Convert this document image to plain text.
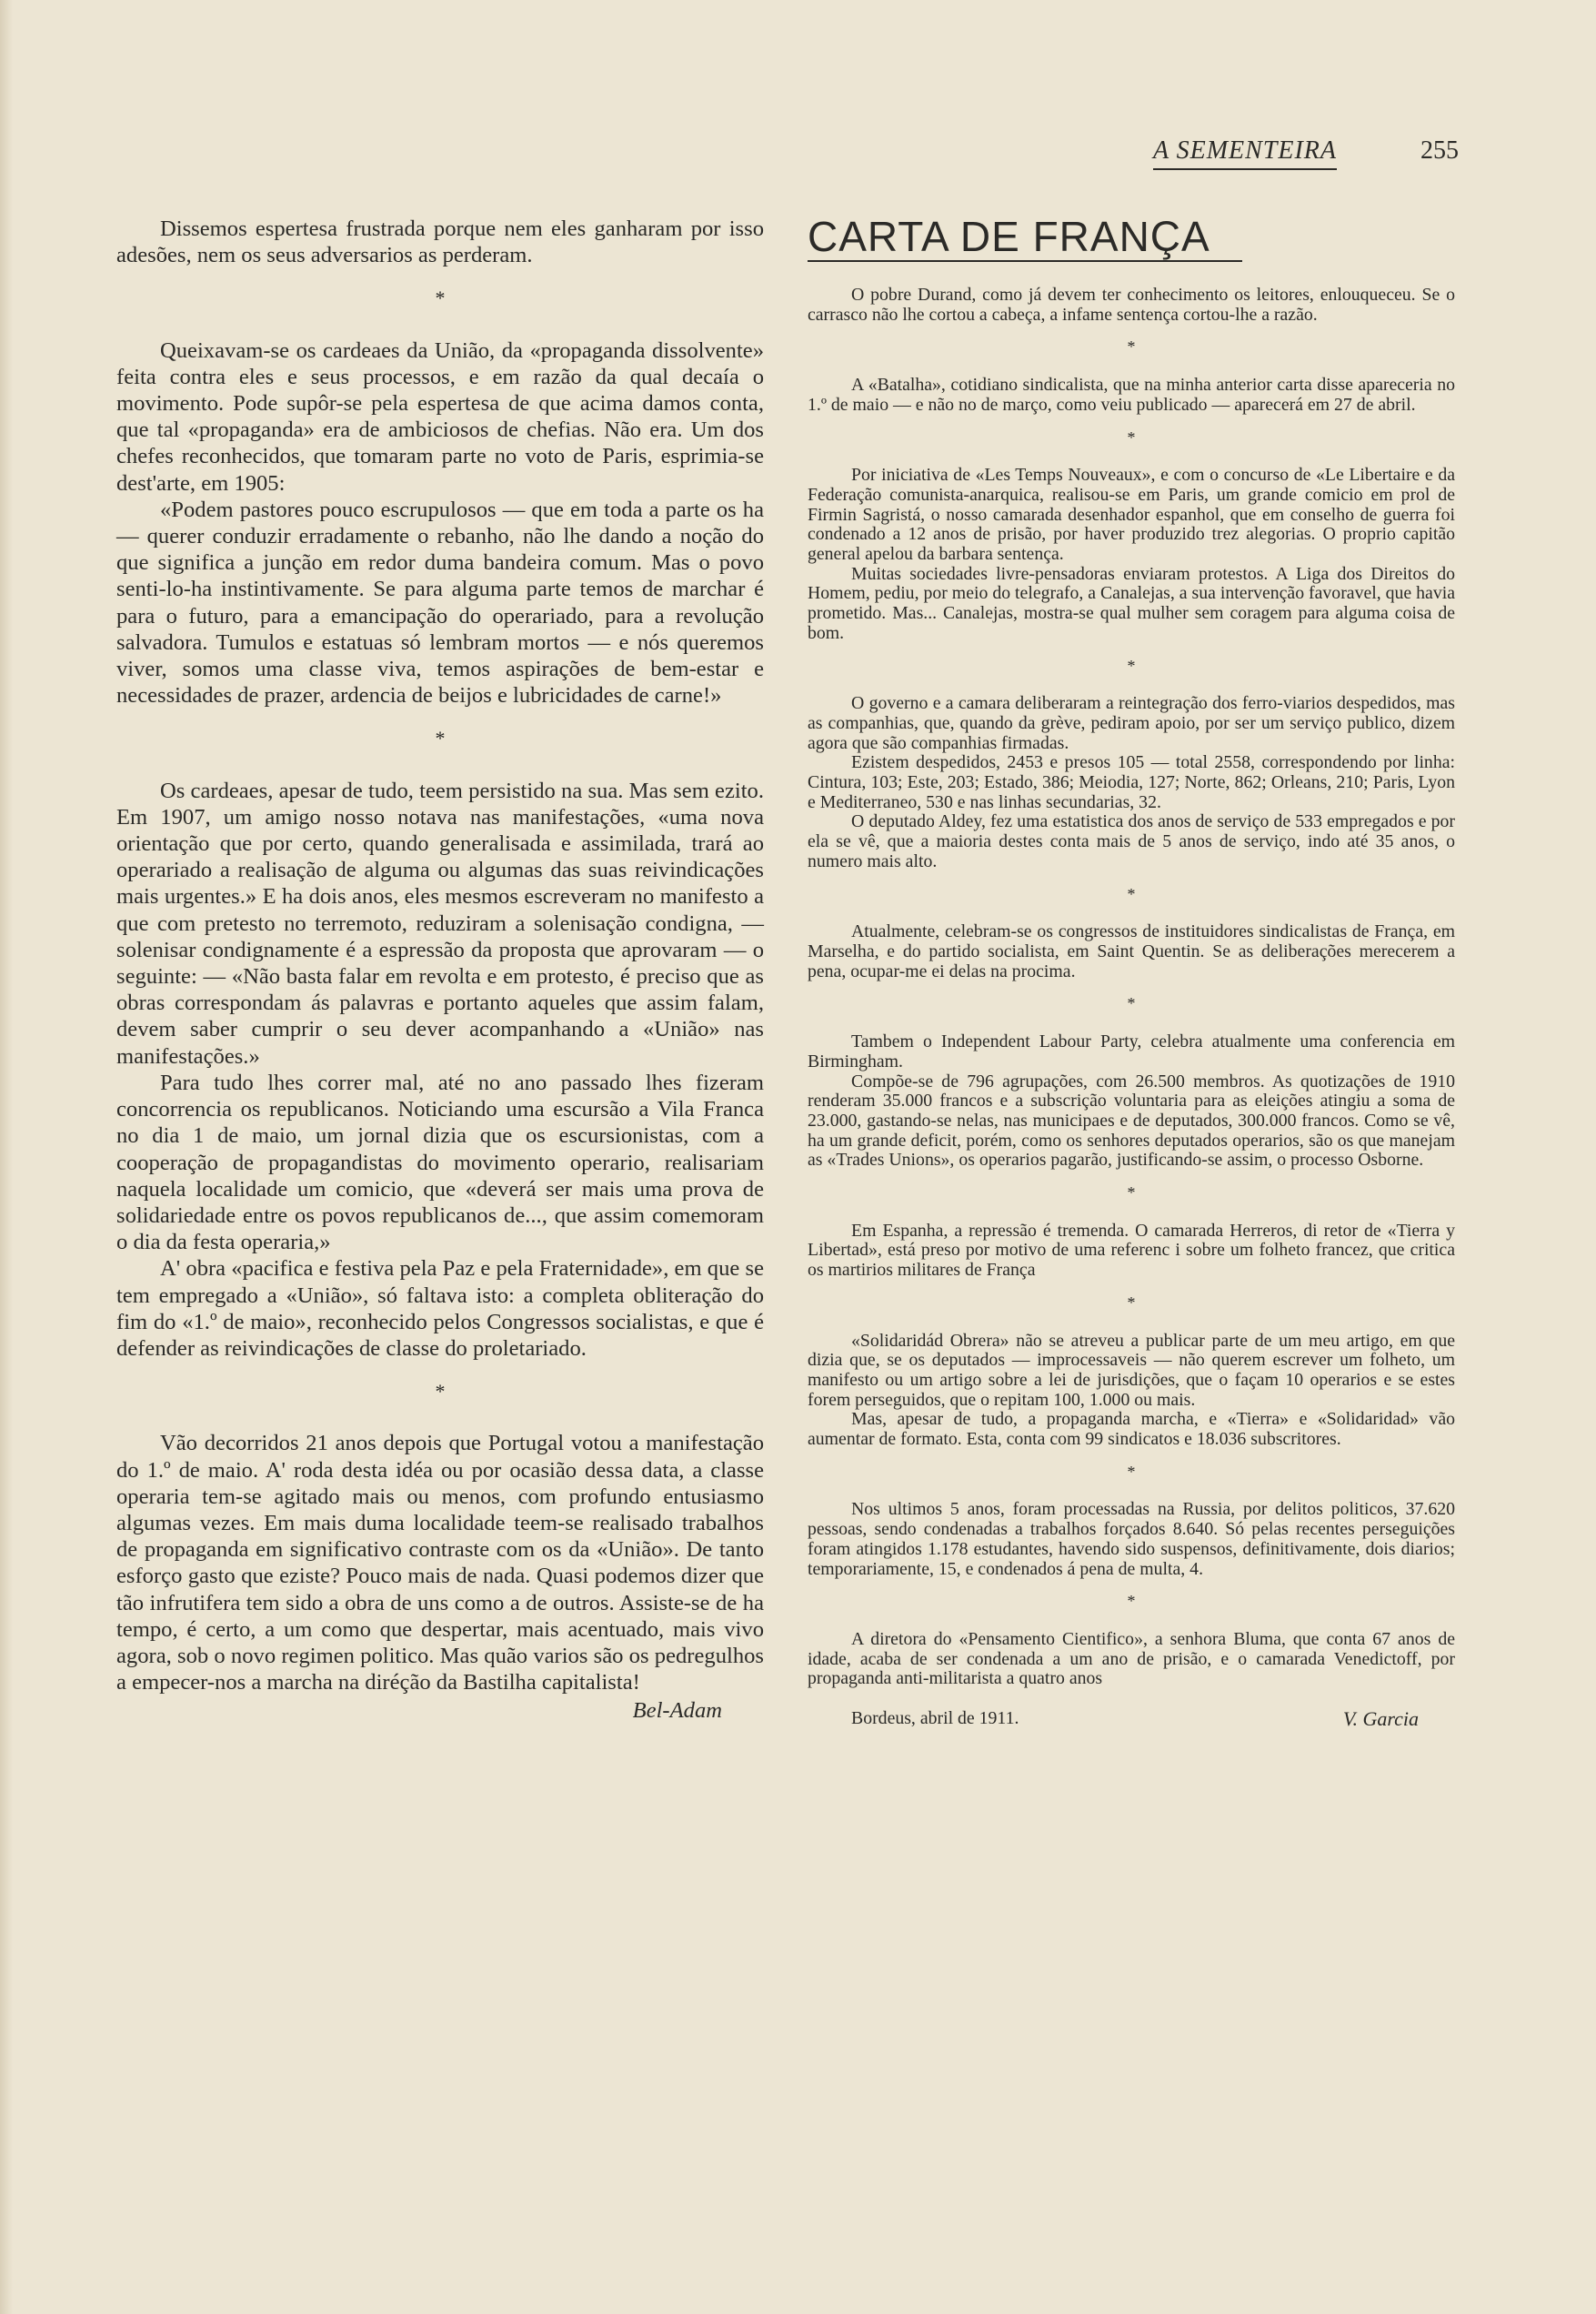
A SEMENTEIRA	255

Dissemos espertesa frustrada porque nem eles ganharam por isso adesões, nem os seus adversarios as perderam.

*

Queixavam-se os cardeaes da União, da «propaganda dissolvente» feita contra eles e seus processos, e em razão da qual decaía o movimento. Pode supôr-se pela espertesa de que acima damos conta, que tal «propaganda» era de ambiciosos de chefias. Não era. Um dos chefes reconhecidos, que tomaram parte no voto de Paris, esprimia-se dest'arte, em 1905:

«Podem pastores pouco escrupulosos — que em toda a parte os ha — querer conduzir erradamente o rebanho, não lhe dando a noção do que significa a junção em redor duma bandeira comum. Mas o povo senti-lo-ha instintivamente. Se para alguma parte temos de marchar é para o futuro, para a emancipação do operariado, para a revolução salvadora. Tumulos e estatuas só lembram mortos — e nós queremos viver, somos uma classe viva, temos aspirações de bem-estar e necessidades de prazer, ardencia de beijos e lubricidades de carne!»

*

Os cardeaes, apesar de tudo, teem persistido na sua. Mas sem ezito. Em 1907, um amigo nosso notava nas manifestações, «uma nova orientação que por certo, quando generalisada e assimilada, trará ao operariado a realisação de alguma ou algumas das suas reivindicações mais urgentes.» E ha dois anos, eles mesmos escreveram no manifesto a que com pretesto no terremoto, reduziram a solenisação condigna, — solenisar condignamente é a espressão da proposta que aprovaram — o seguinte: — «Não basta falar em revolta e em protesto, é preciso que as obras correspondam ás palavras e portanto aqueles que assim falam, devem saber cumprir o seu dever acompanhando a «União» nas manifestações.»

Para tudo lhes correr mal, até no ano passado lhes fizeram concorrencia os republicanos. Noticiando uma escursão a Vila Franca no dia 1 de maio, um jornal dizia que os escursionistas, com a cooperação de propagandistas do movimento operario, realisariam naquela localidade um comicio, que «deverá ser mais uma prova de solidariedade entre os povos republicanos de..., que assim comemoram o dia da festa operaria,»

A' obra «pacifica e festiva pela Paz e pela Fraternidade», em que se tem empregado a «União», só faltava isto: a completa obliteração do fim do «1.º de maio», reconhecido pelos Congressos socialistas, e que é defender as reivindicações de classe do proletariado.

*

Vão decorridos 21 anos depois que Portugal votou a manifestação do 1.º de maio. A' roda desta idéa ou por ocasião dessa data, a classe operaria tem-se agitado mais ou menos, com profundo entusiasmo algumas vezes. Em mais duma localidade teem-se realisado trabalhos de propaganda em significativo contraste com os da «União». De tanto esforço gasto que eziste? Pouco mais de nada. Quasi podemos dizer que tão infrutifera tem sido a obra de uns como a de outros. Assiste-se de ha tempo, é certo, a um como que despertar, mais acentuado, mais vivo agora, sob o novo regimen politico. Mas quão varios são os pedregulhos a empecer-nos a marcha na diréção da Bastilha capitalista!

Bel-Adam
CARTA DE FRANÇA

O pobre Durand, como já devem ter conhecimento os leitores, enlouqueceu. Se o carrasco não lhe cortou a cabeça, a infame sentença cortou-lhe a razão.

*

A «Batalha», cotidiano sindicalista, que na minha anterior carta disse apareceria no 1.º de maio — e não no de março, como veiu publicado — aparecerá em 27 de abril.

*

Por iniciativa de «Les Temps Nouveaux», e com o concurso de «Le Libertaire e da Federação comunista-anarquica, realisou-se em Paris, um grande comicio em prol de Firmin Sagristá, o nosso camarada desenhador espanhol, que em conselho de guerra foi condenado a 12 anos de prisão, por haver produzido trez alegorias. O proprio capitão general apelou da barbara sentença.

Muitas sociedades livre-pensadoras enviaram protestos. A Liga dos Direitos do Homem, pediu, por meio do telegrafo, a Canalejas, a sua intervenção favoravel, que havia prometido. Mas... Canalejas, mostra-se qual mulher sem coragem para alguma coisa de bom.

*

O governo e a camara deliberaram a reintegração dos ferro-viarios despedidos, mas as companhias, que, quando da grève, pediram apoio, por ser um serviço publico, dizem agora que são companhias firmadas.

Ezistem despedidos, 2453 e presos 105 — total 2558, correspondendo por linha: Cintura, 103; Este, 203; Estado, 386; Meiodia, 127; Norte, 862; Orleans, 210; Paris, Lyon e Mediterraneo, 530 e nas linhas secundarias, 32.

O deputado Aldey, fez uma estatistica dos anos de serviço de 533 empregados e por ela se vê, que a maioria destes conta mais de 5 anos de serviço, indo até 35 anos, o numero mais alto.

*

Atualmente, celebram-se os congressos de instituidores sindicalistas de França, em Marselha, e do partido socialista, em Saint Quentin. Se as deliberações merecerem a pena, ocupar-me ei delas na procima.

*

Tambem o Independent Labour Party, celebra atualmente uma conferencia em Birmingham.

Compõe-se de 796 agrupações, com 26.500 membros. As quotizações de 1910 renderam 35.000 francos e a subscrição voluntaria para as eleições atingiu a soma de 23.000, gastando-se nelas, nas municipaes e de deputados, 300.000 francos. Como se vê, ha um grande deficit, porém, como os senhores deputados operarios, são os que manejam as «Trades Unions», os operarios pagarão, justificando-se assim, o processo Osborne.

*

Em Espanha, a repressão é tremenda. O camarada Herreros, di retor de «Tierra y Libertad», está preso por motivo de uma referenc i sobre um folheto francez, que critica os martirios militares de França

*

«Solidaridád Obrera» não se atreveu a publicar parte de um meu artigo, em que dizia que, se os deputados — improcessaveis — não querem escrever um folheto, um manifesto ou um artigo sobre a lei de jurisdições, que o façam 10 operarios e se estes forem perseguidos, que o repitam 100, 1.000 ou mais.

Mas, apesar de tudo, a propaganda marcha, e «Tierra» e «Solidaridad» vão aumentar de formato. Esta, conta com 99 sindicatos e 18.036 subscritores.

*

Nos ultimos 5 anos, foram processadas na Russia, por delitos politicos, 37.620 pessoas, sendo condenadas a trabalhos forçados 8.640. Só pelas recentes perseguições foram atingidos 1.178 estudantes, havendo sido suspensos, definitivamente, dois diarios; temporariamente, 15, e condenados á pena de multa, 4.

*

A diretora do «Pensamento Cientifico», a senhora Bluma, que conta 67 anos de idade, acaba de ser condenada a um ano de prisão, e o camarada Venedictoff, por propaganda anti-militarista a quatro anos

Bordeus, abril de 1911.	V. Garcia
